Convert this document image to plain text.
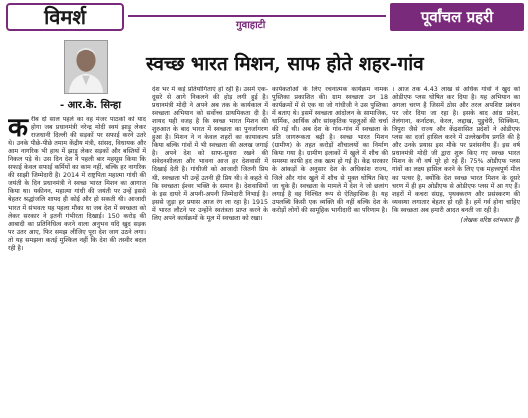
विमर्श	गुवाहाटी	पूर्वांचल प्रहरी
- आर.के. सिन्हा
स्वच्छ भारत मिशन, साफ होते शहर-गांव
क रीब दो साल पहले का वह मंजर पाठकों को याद होगा जब प्रधानमंत्री नरेन्द्र मोदी स्वयं झाड़ू लेकर राजधानी दिल्ली की सड़कों पर सफाई करने उतरे थे। उनके पीछे-पीछे तमाम केंद्रीय मंत्री, सांसद, विधायक और आम नागरिक भी हाथ में झाड़ू लेकर सड़कों और बस्तियों में निकल पड़े थे। उस दिन देश ने पहली बार महसूस किया कि सफाई केवल सफाई कर्मियों का काम नहीं, बल्कि हर नागरिक की साझी जिम्मेदारी है। 2014 में राष्ट्रपिता महात्मा गांधी की जयंती के दिन प्रधानमंत्री ने स्वच्छ भारत मिशन का आगाज किया था। यकीनन, महात्मा गांधी की जयंती पर उन्हें इससे बेहतर श्रद्धांजलि शायद ही कोई और हो सकती थी। आजादी भारत में संभवतः यह पहला मौका था जब देश में स्वच्छता को लेकर सरकार ने इतनी गंभीरता दिखाई। 150 करोड़ की आबादी का प्रतिनिधित्व करने वाला अनुभव यदि खुद सड़क पर उतर आए, फिर समझ लीजिए पूरा देश जाग उठने लगा। तो यह समझना कतई मुश्किल नहीं कि देश की तस्वीर बदल रही है।

देश भर में कई प्रतियोगिताएं हो रही हैं। उसमें एक-दूसरे से आगे निकलने की होड़ लगी हुई है। प्रधानमंत्री मोदी ने अपने अब तक के कार्यकाल में स्वच्छता अभियान को सर्वोच्च प्राथमिकता दी है। शायद यही वजह है कि स्वच्छ भारत मिशन की शुरुआत के बाद भारत में स्वच्छता का पुनर्जागरण हुआ है। मिशन ने न केवल शहरों का कायाकल्प किया बल्कि गांवों में भी स्वच्छता की अलख जगाई है। अपने देश को साफ-सुथरा रखने की संवेदनशीलता और भावना आज हर देशवासी में दिखाई देती है। गांधीजी को आजादी जितनी प्रिय थी, स्वच्छता भी उन्हें उतनी ही प्रिय थी। वे कहते थे कि स्वच्छता ईश्वर भक्ति के समान है। देशवासियों के इस दायरे में अपनी-अपनी जिम्मेदारी निभाई है। इससे जुड़ा हर प्रयास आज रंग ला रहा है। 1915 में भारत लौटने पर उन्होंने स्वतंत्रता प्राप्त करने के लिए अपने कार्यक्रमों के मूल में स्वच्छता को रखा।

कार्यकर्ताओं के लिए रचनात्मक कार्यक्रम नामक पुस्तिका प्रकाशित की। ग्राम स्वच्छता उन 18 कार्यक्रमों में से एक था जो गांधीजी ने उस पुस्तिका में बताए थे। इसमें स्वच्छता आंदोलन के सामाजिक, धार्मिक, आर्थिक और सांस्कृतिक पहलुओं की चर्चा की गई थी। अब देश के गांव-गांव में स्वच्छता के प्रति जागरूकता बढ़ी है। स्वच्छ भारत मिशन (ग्रामीण) के तहत करोड़ों शौचालयों का निर्माण किया गया है। ग्रामीण इलाकों में खुले में शौच की समस्या काफी हद तक खत्म हो गई है। केंद्र सरकार के आंकड़ों के अनुसार देश के अधिकांश राज्य, जिले और गांव खुले में शौच से मुक्त घोषित किए जा चुके हैं। स्वच्छता के मामले में देश ने जो छलांग लगाई है वह निश्चित रूप से ऐतिहासिक है। यह उपलब्धि किसी एक व्यक्ति की नहीं बल्कि देश के करोड़ों लोगों की सामूहिक भागीदारी का परिणाम है।

। आज तक 4.43 लाख से अधिक गांवों ने खुद को ओडीएफ प्लस घोषित कर दिया है। यह अभियान का अगला चरण है जिसमें ठोस और तरल अपशिष्ट प्रबंधन पर जोर दिया जा रहा है। इसके बाद आंध्र प्रदेश, तेलंगाना, कर्नाटक, केरल, लद्दाख, पुडुचेरी, सिक्किम, त्रिपुरा जैसे राज्य और केंद्रशासित प्रदेशों ने ओडीएफ प्लस का दर्जा हासिल करने में उल्लेखनीय प्रगति की है और उनके प्रयास इस मौके पर प्रशंसनीय हैं। इस वर्ष प्रधानमंत्री मोदी जी द्वारा शुरू किए गए स्वच्छ भारत मिशन के नौ वर्ष पूरे हो रहे हैं। 75% ओडीएफ प्लस गांवों का लक्ष्य हासिल करने के लिए एक महत्त्वपूर्ण मील का पत्थर है, क्योंकि देश स्वच्छ भारत मिशन के दूसरे चरण में ही हम ओडीएफ से ओडीएफ प्लस में आ गए हैं। शहरों में कचरा संग्रह, पृथक्करण और प्रसंस्करण की व्यवस्था लगातार बेहतर हो रही है। हमें गर्व होना चाहिए कि स्वच्छता अब हमारी आदत बनती जा रही है।

(लेखक वरिष्ठ स्तंभकार हैं)
